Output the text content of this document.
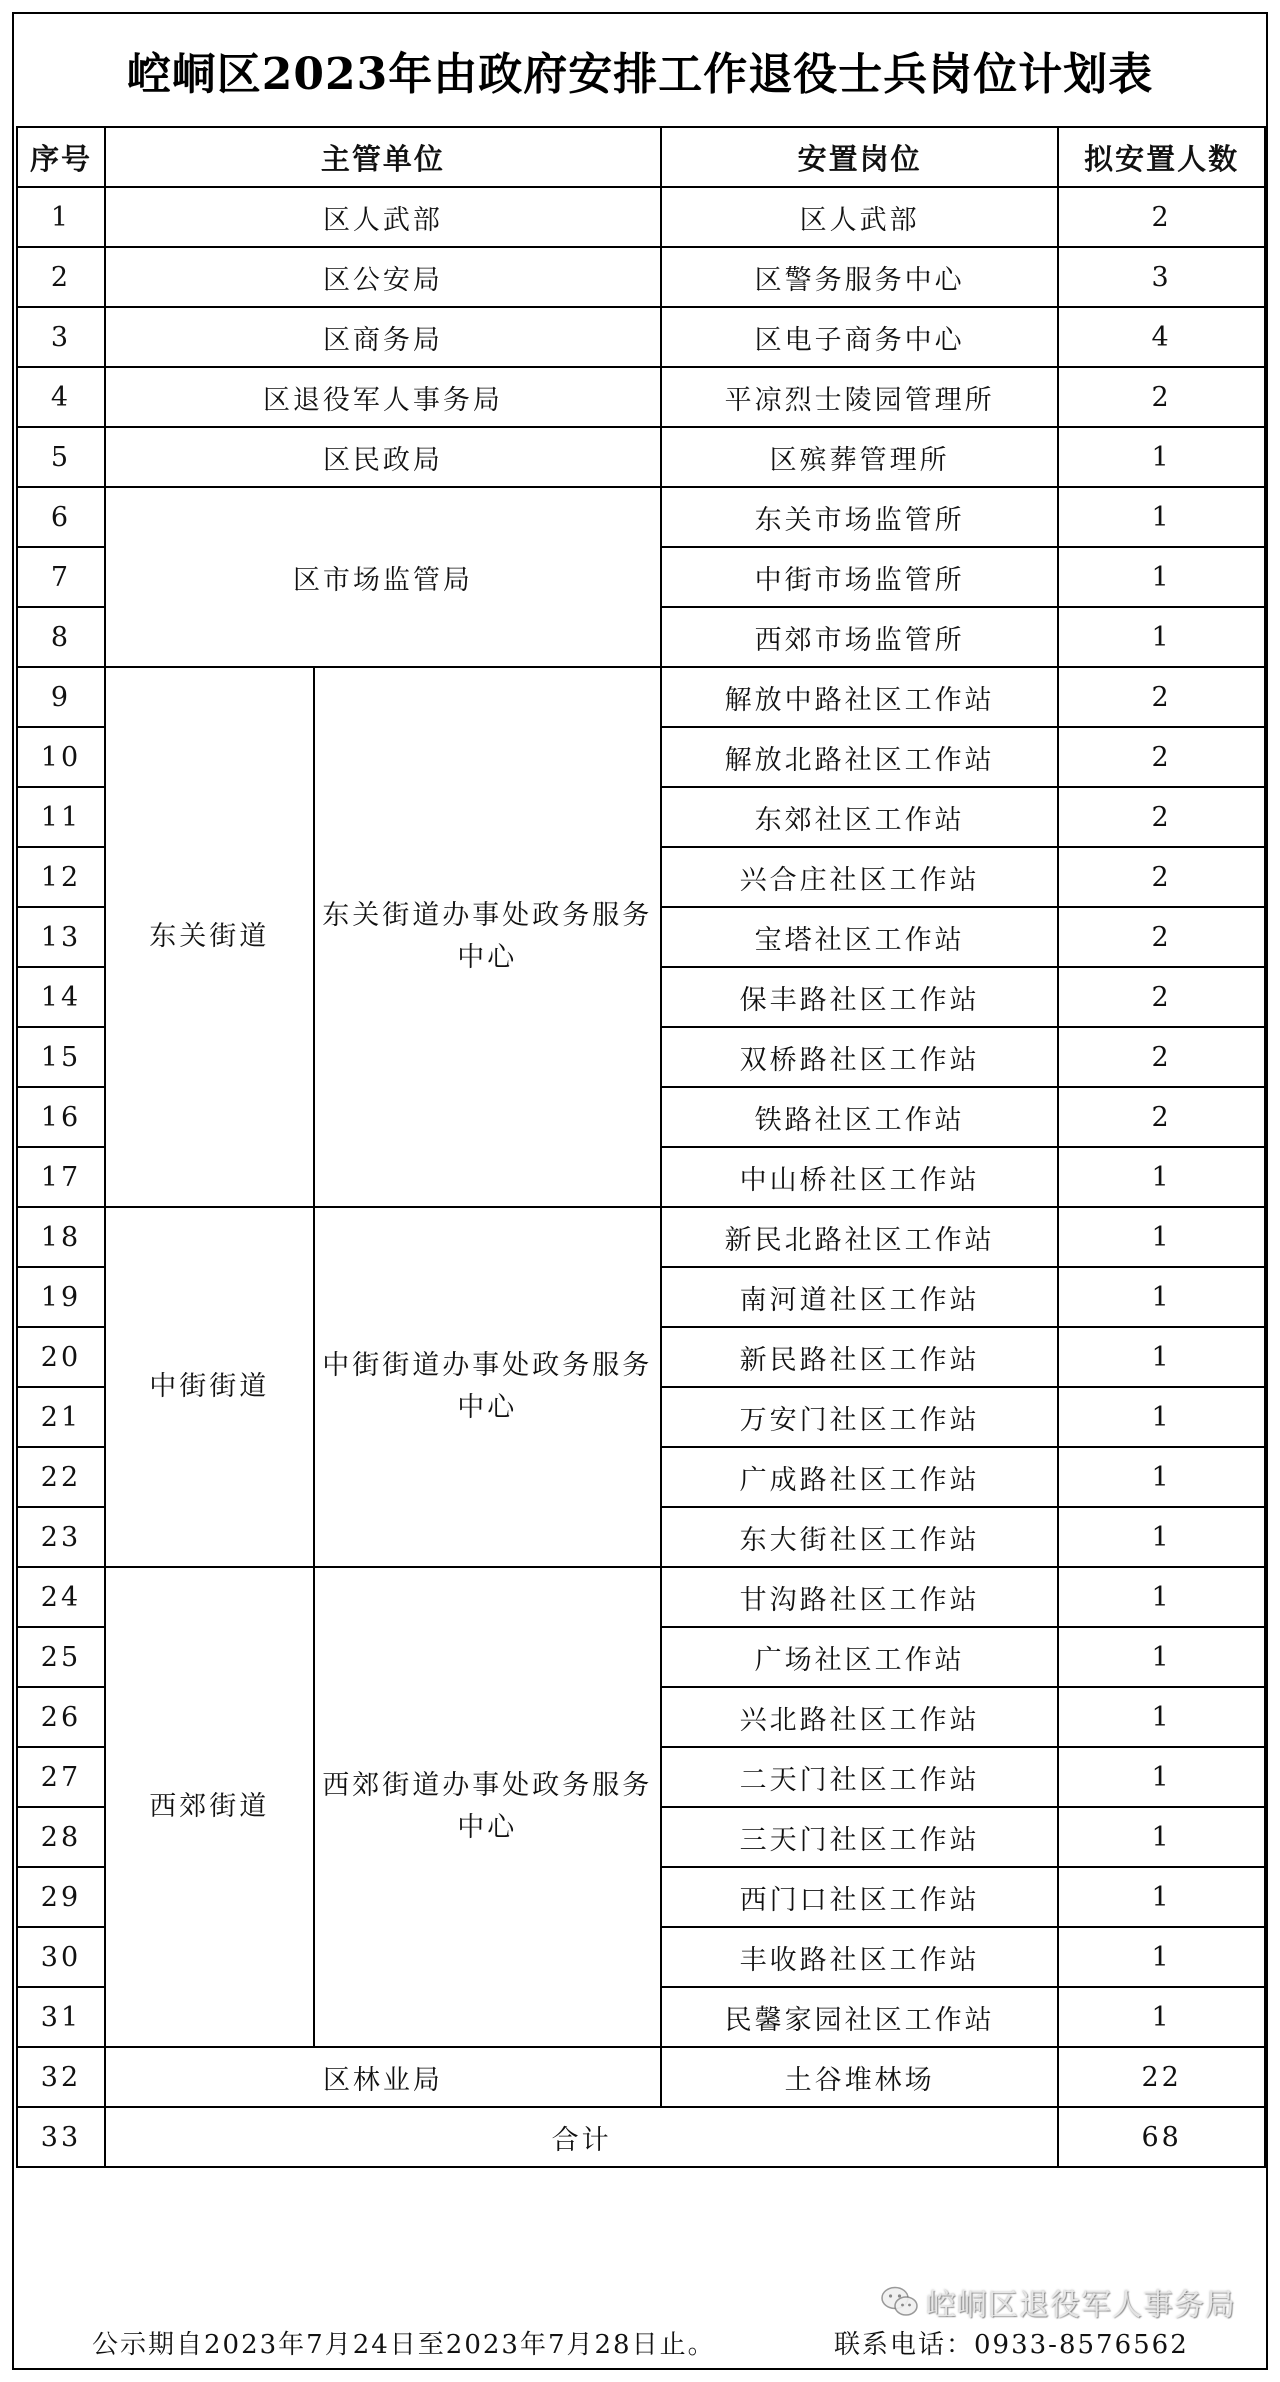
崆峒区2023年由政府安排工作退役士兵岗位计划表
序号	主管单位		安置岗位	拟安置人数
1	区人武部		区人武部	2
2	区公安局		区警务服务中心	3
3	区商务局		区电子商务中心	4
4	区退役军人事务局		平凉烈士陵园管理所	2
5	区民政局		区殡葬管理所	1
6	区市场监管局		东关市场监管所	1
7			中街市场监管所	1
8			西郊市场监管所	1
9	东关街道	东关街道办事处政务服务中心	解放中路社区工作站	2
10			解放北路社区工作站	2
11			东郊社区工作站	2
12			兴合庄社区工作站	2
13			宝塔社区工作站	2
14			保丰路社区工作站	2
15			双桥路社区工作站	2
16			铁路社区工作站	2
17			中山桥社区工作站	1
18	中街街道	中街街道办事处政务服务中心	新民北路社区工作站	1
19			南河道社区工作站	1
20			新民路社区工作站	1
21			万安门社区工作站	1
22			广成路社区工作站	1
23			东大街社区工作站	1
24	西郊街道	西郊街道办事处政务服务中心	甘沟路社区工作站	1
25			广场社区工作站	1
26			兴北路社区工作站	1
27			二天门社区工作站	1
28			三天门社区工作站	1
29			西门口社区工作站	1
30			丰收路社区工作站	1
31			民馨家园社区工作站	1
32	区林业局		土谷堆林场	22
33	合计			68
公示期自2023年7月24日至2023年7月28日止。	联系电话：0933-8576562
崆峒区退役军人事务局
